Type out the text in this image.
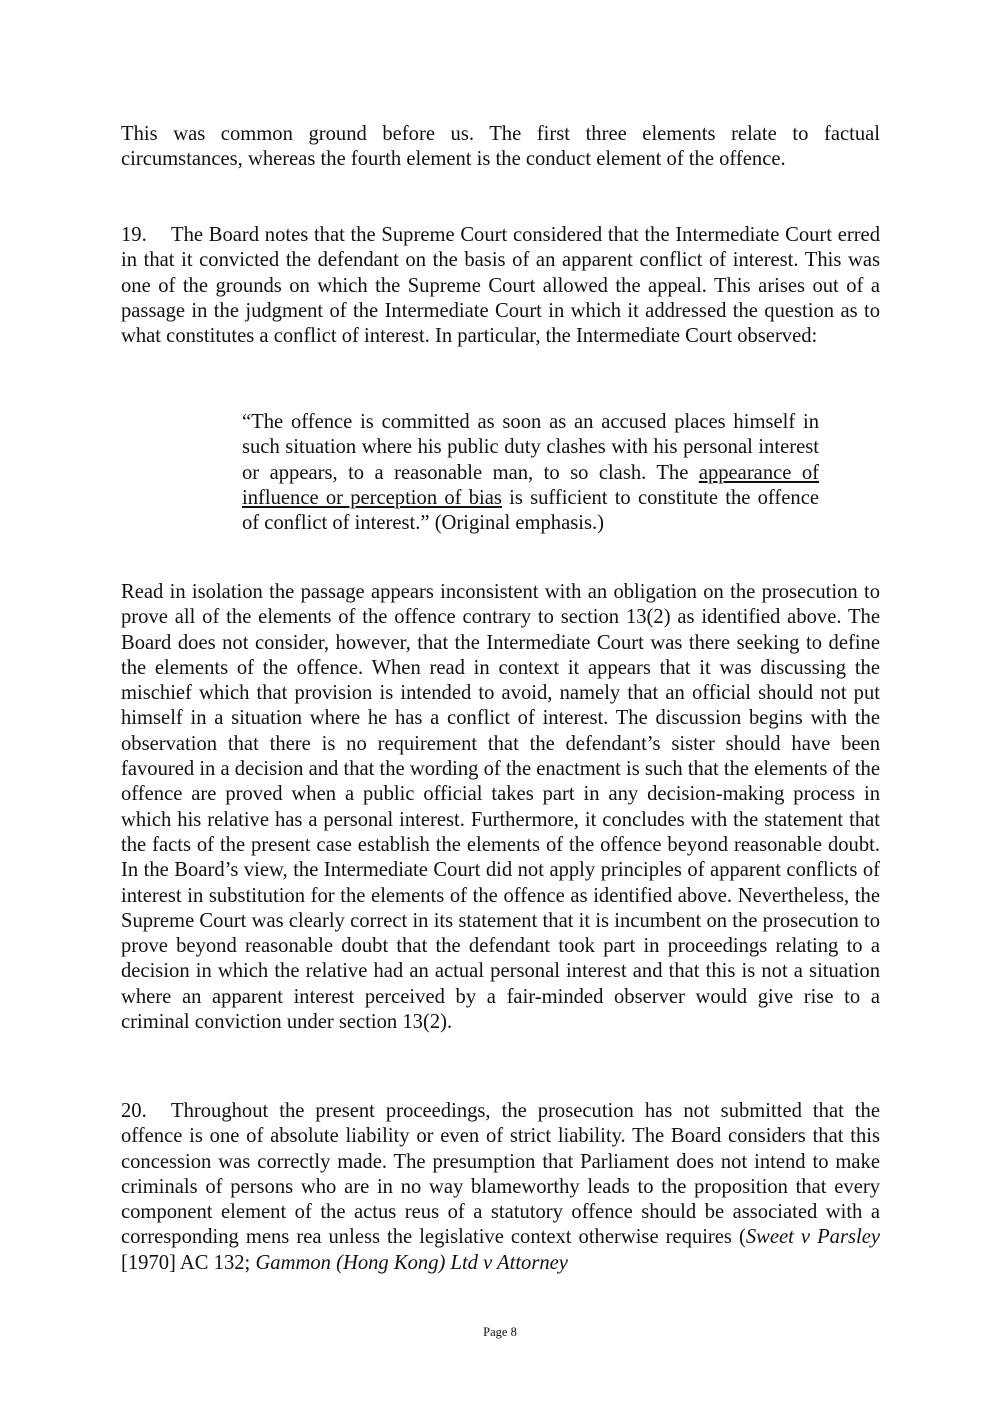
This was common ground before us. The first three elements relate to factual circumstances, whereas the fourth element is the conduct element of the offence.

19. The Board notes that the Supreme Court considered that the Intermediate Court erred in that it convicted the defendant on the basis of an apparent conflict of interest. This was one of the grounds on which the Supreme Court allowed the appeal. This arises out of a passage in the judgment of the Intermediate Court in which it addressed the question as to what constitutes a conflict of interest. In particular, the Intermediate Court observed:

“The offence is committed as soon as an accused places himself in such situation where his public duty clashes with his personal interest or appears, to a reasonable man, to so clash. The appearance of influence or perception of bias is sufficient to constitute the offence of conflict of interest.” (Original emphasis.)

Read in isolation the passage appears inconsistent with an obligation on the prosecution to prove all of the elements of the offence contrary to section 13(2) as identified above. The Board does not consider, however, that the Intermediate Court was there seeking to define the elements of the offence. When read in context it appears that it was discussing the mischief which that provision is intended to avoid, namely that an official should not put himself in a situation where he has a conflict of interest. The discussion begins with the observation that there is no requirement that the defendant’s sister should have been favoured in a decision and that the wording of the enactment is such that the elements of the offence are proved when a public official takes part in any decision-making process in which his relative has a personal interest. Furthermore, it concludes with the statement that the facts of the present case establish the elements of the offence beyond reasonable doubt. In the Board’s view, the Intermediate Court did not apply principles of apparent conflicts of interest in substitution for the elements of the offence as identified above. Nevertheless, the Supreme Court was clearly correct in its statement that it is incumbent on the prosecution to prove beyond reasonable doubt that the defendant took part in proceedings relating to a decision in which the relative had an actual personal interest and that this is not a situation where an apparent interest perceived by a fair-minded observer would give rise to a criminal conviction under section 13(2).

20. Throughout the present proceedings, the prosecution has not submitted that the offence is one of absolute liability or even of strict liability. The Board considers that this concession was correctly made. The presumption that Parliament does not intend to make criminals of persons who are in no way blameworthy leads to the proposition that every component element of the actus reus of a statutory offence should be associated with a corresponding mens rea unless the legislative context otherwise requires (Sweet v Parsley [1970] AC 132; Gammon (Hong Kong) Ltd v Attorney

Page 8
